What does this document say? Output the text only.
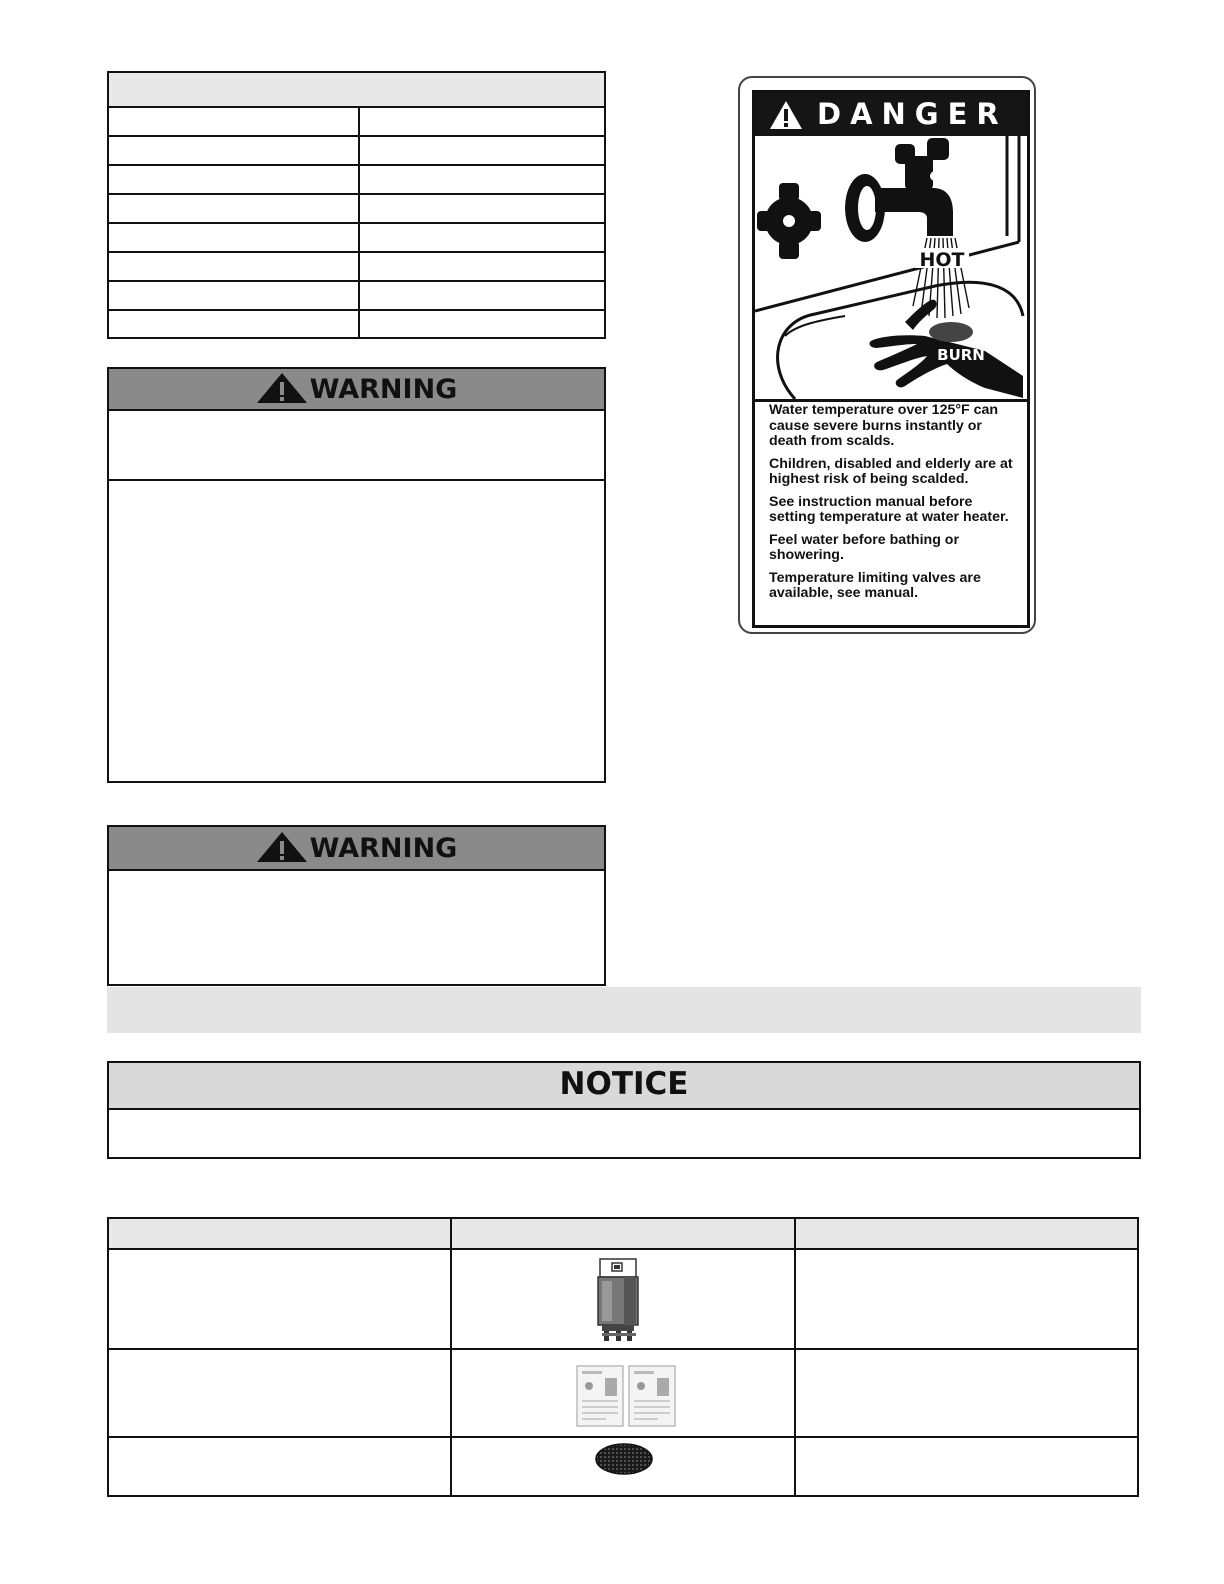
WARNING
WARNING
DANGER
HOT
BURN

Water temperature over 125°F can cause severe burns instantly or death from scalds.

Children, disabled and elderly are at highest risk of being scalded.

See instruction manual before setting temperature at water heater.

Feel water before bathing or showering.

Temperature limiting valves are available, see manual.

NOTICE
